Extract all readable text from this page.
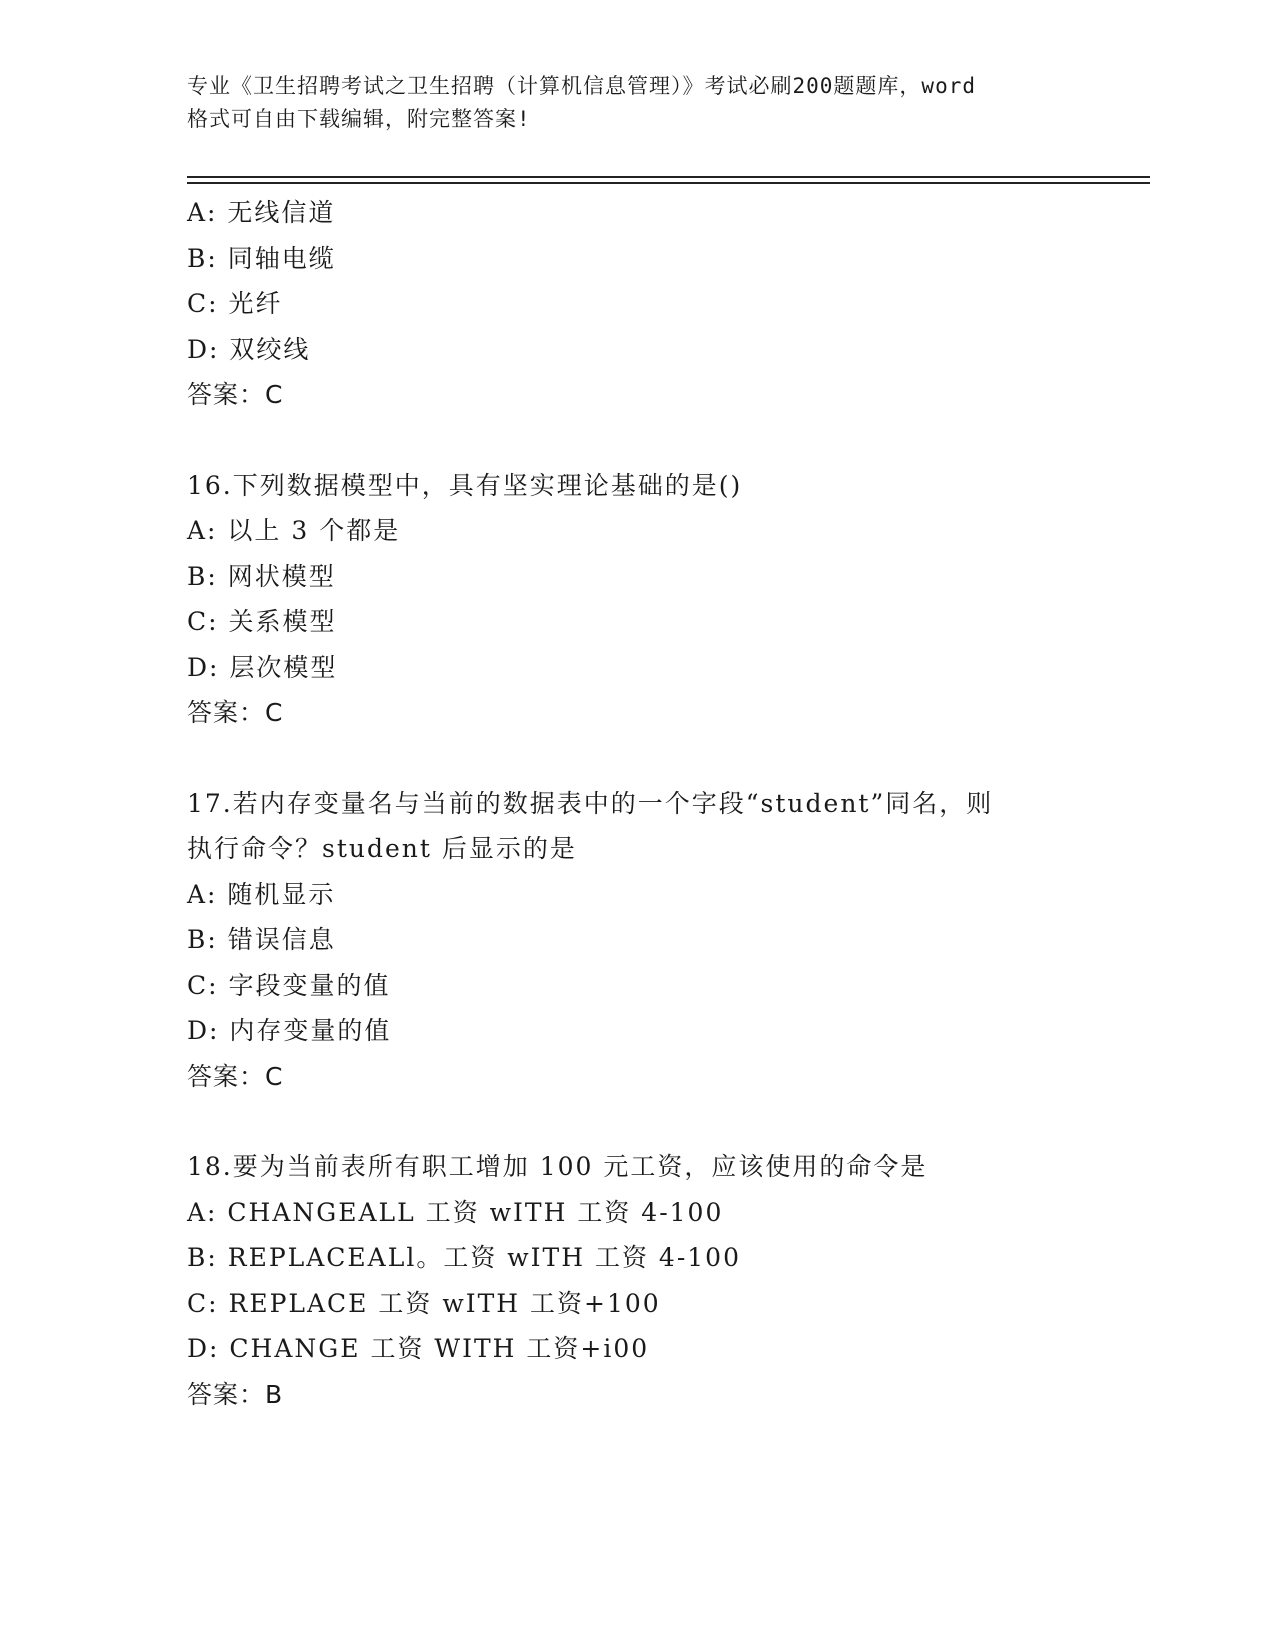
专业《卫生招聘考试之卫生招聘（计算机信息管理）》考试必刷200题题库，word
格式可自由下载编辑，附完整答案!
A: 无线信道
B: 同轴电缆
C: 光纤
D: 双绞线
答案：C
16.下列数据模型中，具有坚实理论基础的是()
A: 以上 3 个都是
B: 网状模型
C: 关系模型
D: 层次模型
答案：C
17.若内存变量名与当前的数据表中的一个字段“student”同名，则
执行命令？student 后显示的是
A: 随机显示
B: 错误信息
C: 字段变量的值
D: 内存变量的值
答案：C
18.要为当前表所有职工增加 100 元工资，应该使用的命令是
A: CHANGEALL 工资 wITH 工资 4-100
B: REPLACEALl。工资 wITH 工资 4-100
C: REPLACE 工资 wITH 工资+100
D: CHANGE 工资 WITH 工资+i00
答案：B
